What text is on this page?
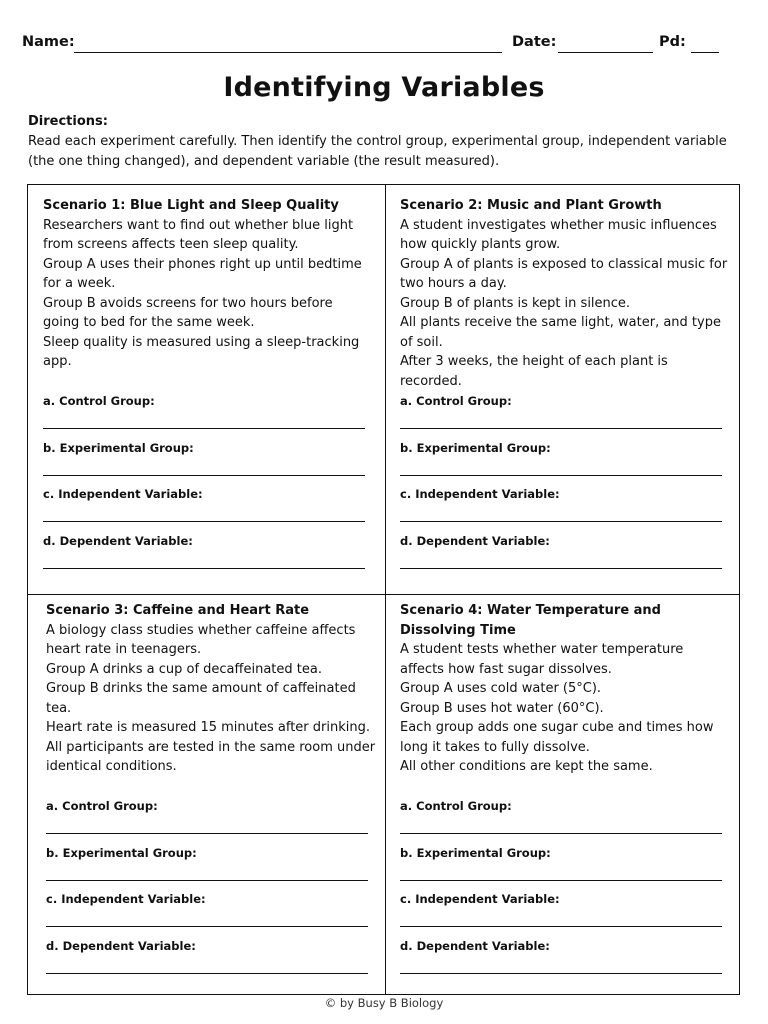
Name:	Date:	Pd:
Identifying Variables
Directions:
Read each experiment carefully. Then identify the control group, experimental group, independent variable (the one thing changed), and dependent variable (the result measured).
Scenario 1: Blue Light and Sleep Quality

Researchers want to find out whether blue light from screens affects teen sleep quality.

Group A uses their phones right up until bedtime for a week.

Group B avoids screens for two hours before going to bed for the same week.

Sleep quality is measured using a sleep-tracking app.

a. Control Group:
b. Experimental Group:
c. Independent Variable:
d. Dependent Variable:
Scenario 2: Music and Plant Growth

A student investigates whether music influences how quickly plants grow.

Group A of plants is exposed to classical music for two hours a day.

Group B of plants is kept in silence.

All plants receive the same light, water, and type of soil.

After 3 weeks, the height of each plant is recorded.

a. Control Group:
b. Experimental Group:
c. Independent Variable:
d. Dependent Variable:
Scenario 3: Caffeine and Heart Rate

A biology class studies whether caffeine affects heart rate in teenagers.

Group A drinks a cup of decaffeinated tea.

Group B drinks the same amount of caffeinated tea.

Heart rate is measured 15 minutes after drinking.

All participants are tested in the same room under identical conditions.

a. Control Group:
b. Experimental Group:
c. Independent Variable:
d. Dependent Variable:
Scenario 4: Water Temperature and Dissolving Time

A student tests whether water temperature affects how fast sugar dissolves.

Group A uses cold water (5°C).

Group B uses hot water (60°C).

Each group adds one sugar cube and times how long it takes to fully dissolve.

All other conditions are kept the same.

a. Control Group:
b. Experimental Group:
c. Independent Variable:
d. Dependent Variable:
© by Busy B Biology
